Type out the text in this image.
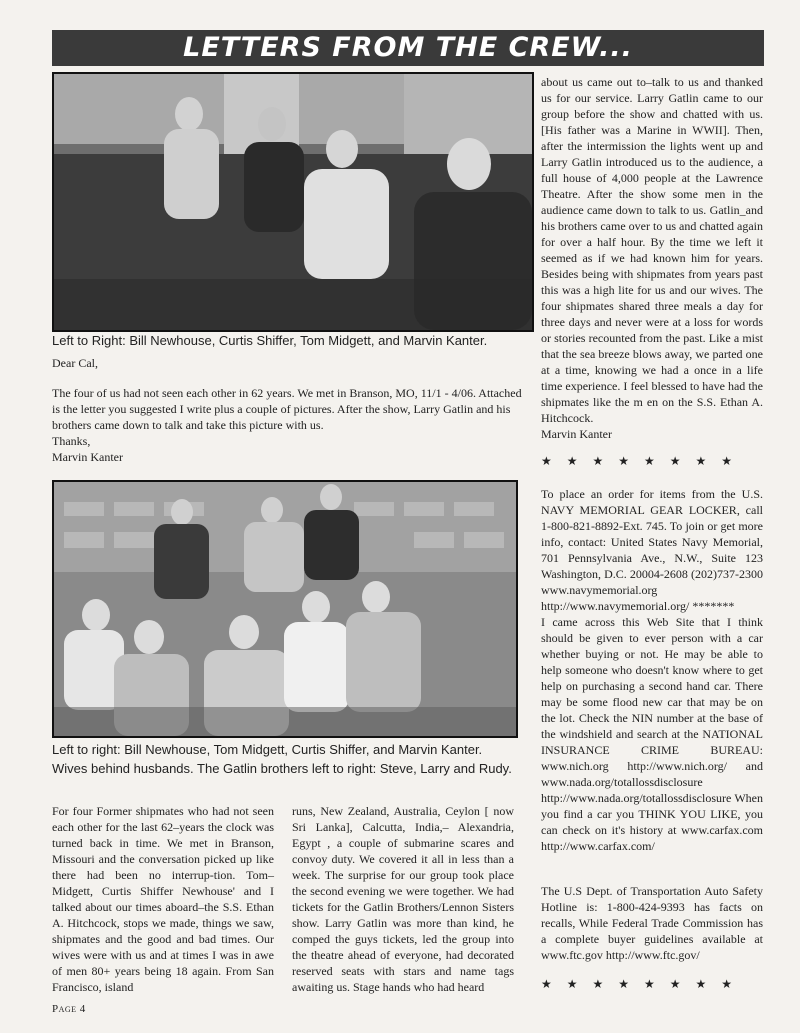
LETTERS FROM THE CREW...
Left to Right: Bill Newhouse, Curtis Shiffer, Tom Midgett, and Marvin Kanter.

Dear Cal,

The four of us had not seen each other in 62 years. We met in Branson, MO, 11/1 - 4/06. Attached is the letter you suggested I write plus a couple of pictures. After the show, Larry Gatlin and his brothers came down to talk and take this picture with us.

Thanks,

Marvin Kanter

Left to right: Bill Newhouse, Tom Midgett, Curtis Shiffer, and Marvin Kanter.
Wives behind husbands. The Gatlin brothers left to right: Steve, Larry and Rudy.

For four Former shipmates who had not seen each other for the last 62–years the clock was turned back in time. We met in Branson, Missouri and the conversation picked up like there had been no interrup-tion. Tom–Midgett, Curtis Shiffer Newhouse' and I talked about our times aboard–the S.S. Ethan A. Hitchcock, stops we made, things we saw, shipmates and the good and bad times. Our wives were with us and at times I was in awe of men 80+ years being 18 again. From San Francisco, island

runs, New Zealand, Australia, Ceylon [ now Sri Lanka], Calcutta, India,– Alexandria, Egypt , a couple of submarine scares and convoy duty. We covered it all in less than a week. The surprise for our group took place the second evening we were together. We had tickets for the Gatlin Brothers/Lennon Sisters show. Larry Gatlin was more than kind, he comped the guys tickets, led the group into the theatre ahead of everyone, had decorated reserved seats with stars and name tags awaiting us. Stage hands who had heard

about us came out to–talk to us and thanked us for our service. Larry Gatlin came to our group before the show and chatted with us. [His father was a Marine in WWII]. Then, after the intermission the lights went up and Larry Gatlin introduced us to the audience, a full house of 4,000 people at the Lawrence Theatre. After the show some men in the audience came down to talk to us. Gatlin_and his brothers came over to us and chatted again for over a half hour. By the time we left it seemed as if we had known him for years. Besides being with shipmates from years past this was a high lite for us and our wives. The four shipmates shared three meals a day for three days and never were at a loss for words or stories recounted from the past. Like a mist that the sea breeze blows away, we parted one at a time, knowing we had a once in a life time experience. I feel blessed to have had the shipmates like the m en on the S.S. Ethan A. Hitchcock.

Marvin Kanter

★★★★★★★★

To place an order for items from the U.S. NAVY MEMORIAL GEAR LOCKER, call 1-800-821-8892-Ext. 745. To join or get more info, contact: United States Navy Memorial, 701 Pennsylvania Ave., N.W., Suite 123 Washington, D.C. 20004-2608 (202)737-2300 www.navymemorial.org http://www.navymemorial.org/ *******

I came across this Web Site that I think should be given to ever person with a car whether buying or not. He may be able to help someone who doesn't know where to get help on purchasing a second hand car. There may be some flood new car that may be on the lot. Check the NIN number at the base of the windshield and search at the NATIONAL INSURANCE CRIME BUREAU: www.nich.org http://www.nich.org/ and www.nada.org/totallossdisclosure http://www.nada.org/totallossdisclosure When you find a car you THINK YOU LIKE, you can check on it's history at www.carfax.com http://www.carfax.com/

The U.S Dept. of Transportation Auto Safety Hotline is: 1-800-424-9393 has facts on recalls, While Federal Trade Commission has a complete buyer guidelines available at www.ftc.gov http://www.ftc.gov/

★★★★★★★★
Page 4
